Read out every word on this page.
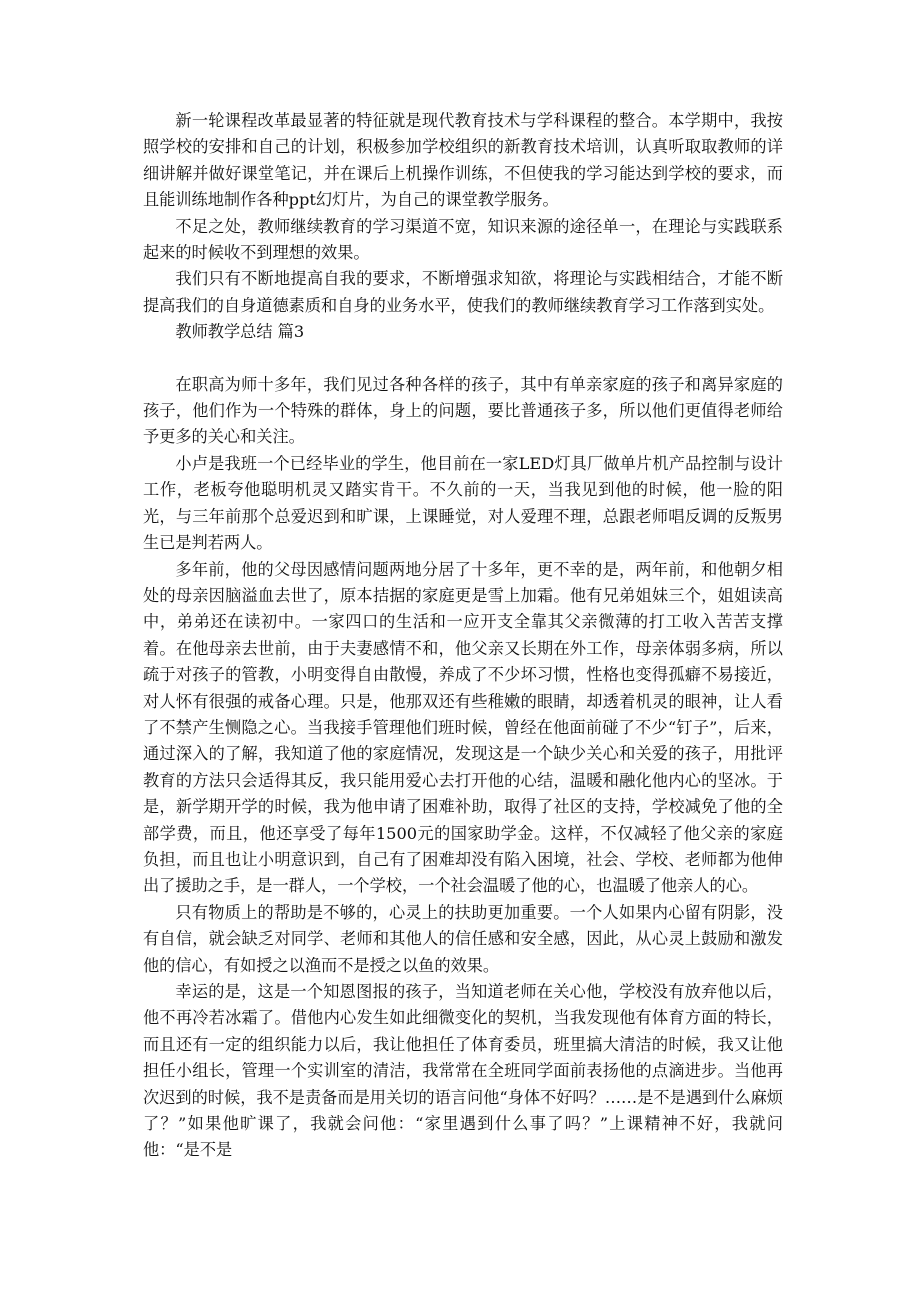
新一轮课程改革最显著的特征就是现代教育技术与学科课程的整合。本学期中，我按照学校的安排和自己的计划，积极参加学校组织的新教育技术培训，认真听取取教师的详细讲解并做好课堂笔记，并在课后上机操作训练，不但使我的学习能达到学校的要求，而且能训练地制作各种ppt幻灯片，为自己的课堂教学服务。

不足之处，教师继续教育的学习渠道不宽，知识来源的途径单一，在理论与实践联系起来的时候收不到理想的效果。

我们只有不断地提高自我的要求，不断增强求知欲，将理论与实践相结合，才能不断提高我们的自身道德素质和自身的业务水平，使我们的教师继续教育学习工作落到实处。

教师教学总结 篇3

在职高为师十多年，我们见过各种各样的孩子，其中有单亲家庭的孩子和离异家庭的孩子，他们作为一个特殊的群体，身上的问题，要比普通孩子多，所以他们更值得老师给予更多的关心和关注。

小卢是我班一个已经毕业的学生，他目前在一家LED灯具厂做单片机产品控制与设计工作，老板夸他聪明机灵又踏实肯干。不久前的一天，当我见到他的时候，他一脸的阳光，与三年前那个总爱迟到和旷课，上课睡觉，对人爱理不理，总跟老师唱反调的反叛男生已是判若两人。

多年前，他的父母因感情问题两地分居了十多年，更不幸的是，两年前，和他朝夕相处的母亲因脑溢血去世了，原本拮据的家庭更是雪上加霜。他有兄弟姐妹三个，姐姐读高中，弟弟还在读初中。一家四口的生活和一应开支全靠其父亲微薄的打工收入苦苦支撑着。在他母亲去世前，由于夫妻感情不和，他父亲又长期在外工作，母亲体弱多病，所以疏于对孩子的管教，小明变得自由散慢，养成了不少坏习惯，性格也变得孤癖不易接近，对人怀有很强的戒备心理。只是，他那双还有些稚嫩的眼睛，却透着机灵的眼神，让人看了不禁产生恻隐之心。当我接手管理他们班时候，曾经在他面前碰了不少“钉子”，后来，通过深入的了解，我知道了他的家庭情况，发现这是一个缺少关心和关爱的孩子，用批评教育的方法只会适得其反，我只能用爱心去打开他的心结，温暖和融化他内心的坚冰。于是，新学期开学的时候，我为他申请了困难补助，取得了社区的支持，学校减免了他的全部学费，而且，他还享受了每年1500元的国家助学金。这样，不仅减轻了他父亲的家庭负担，而且也让小明意识到，自己有了困难却没有陷入困境，社会、学校、老师都为他伸出了援助之手，是一群人，一个学校，一个社会温暖了他的心，也温暖了他亲人的心。

只有物质上的帮助是不够的，心灵上的扶助更加重要。一个人如果内心留有阴影，没有自信，就会缺乏对同学、老师和其他人的信任感和安全感，因此，从心灵上鼓励和激发他的信心，有如授之以渔而不是授之以鱼的效果。

幸运的是，这是一个知恩图报的孩子，当知道老师在关心他，学校没有放弃他以后，他不再冷若冰霜了。借他内心发生如此细微变化的契机，当我发现他有体育方面的特长，而且还有一定的组织能力以后，我让他担任了体育委员，班里搞大清洁的时候，我又让他担任小组长，管理一个实训室的清洁，我常常在全班同学面前表扬他的点滴进步。当他再次迟到的时候，我不是责备而是用关切的语言问他“身体不好吗？……是不是遇到什么麻烦了？”如果他旷课了，我就会问他：“家里遇到什么事了吗？”上课精神不好，我就问他：“是不是
